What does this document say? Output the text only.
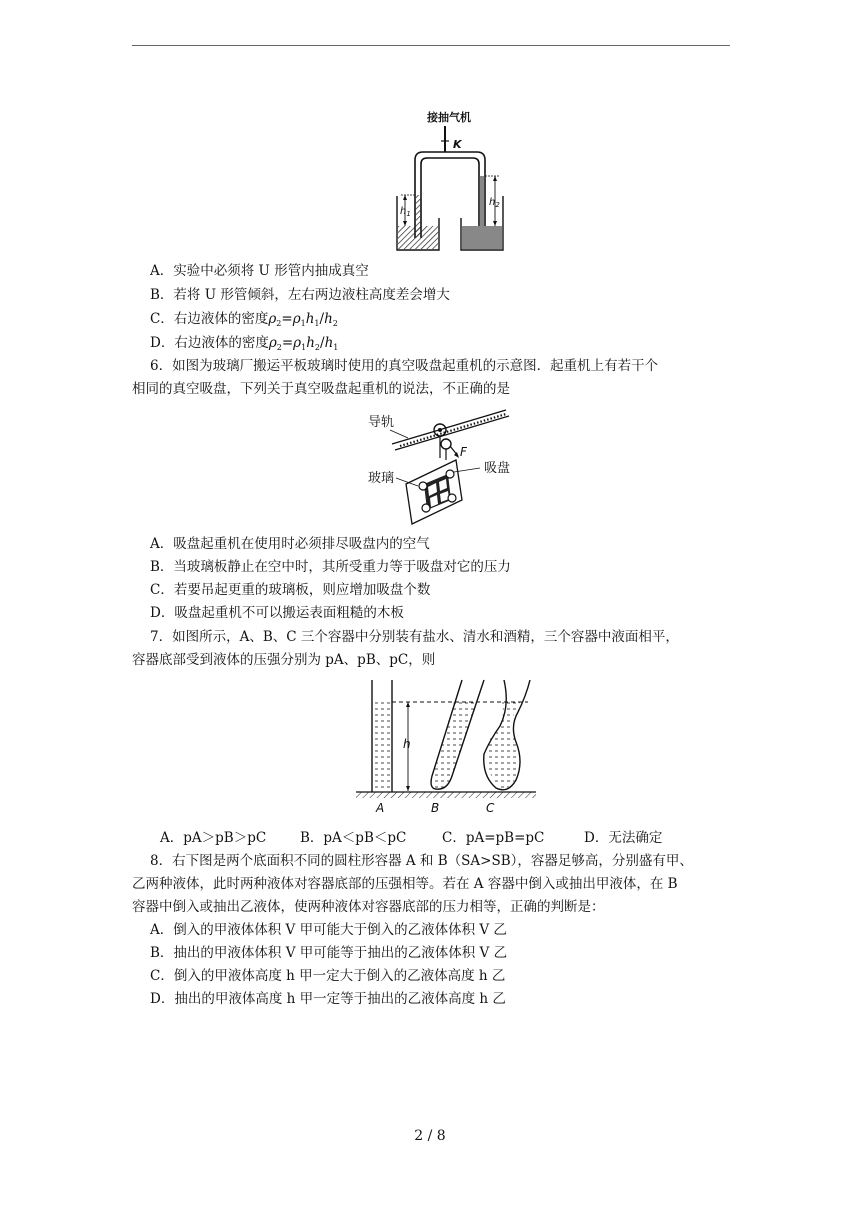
接抽气机
K
$h_1$
$h_2$
A．实验中必须将 U 形管内抽成真空
B．若将 U 形管倾斜，左右两边液柱高度差会增大
C．右边液体的密度$\rho_2=\rho_1h_1/h_2$
D．右边液体的密度$\rho_2=\rho_1h_2/h_1$
6．如图为玻璃厂搬运平板玻璃时使用的真空吸盘起重机的示意图．起重机上有若干个
相同的真空吸盘，下列关于真空吸盘起重机的说法，不正确的是
导轨
F
玻璃
吸盘
A．吸盘起重机在使用时必须排尽吸盘内的空气
B．当玻璃板静止在空中时，其所受重力等于吸盘对它的压力
C．若要吊起更重的玻璃板，则应增加吸盘个数
D．吸盘起重机不可以搬运表面粗糙的木板
7．如图所示，A、B、C 三个容器中分别装有盐水、清水和酒精，三个容器中液面相平，
容器底部受到液体的压强分别为 pA、pB、pC，则
h
A	B	C
A．pA＞pB＞pC	B．pA＜pB＜pC	C．pA=pB=pC	D．无法确定
8．右下图是两个底面积不同的圆柱形容器 A 和 B（SA>SB），容器足够高，分别盛有甲、
乙两种液体，此时两种液体对容器底部的压强相等。若在 A 容器中倒入或抽出甲液体，在 B
容器中倒入或抽出乙液体，使两种液体对容器底部的压力相等，正确的判断是：
A．倒入的甲液体体积 V 甲可能大于倒入的乙液体体积 V 乙
B．抽出的甲液体体积 V 甲可能等于抽出的乙液体体积 V 乙
C．倒入的甲液体高度 h 甲一定大于倒入的乙液体高度 h 乙
D．抽出的甲液体高度 h 甲一定等于抽出的乙液体高度 h 乙
2 / 8
